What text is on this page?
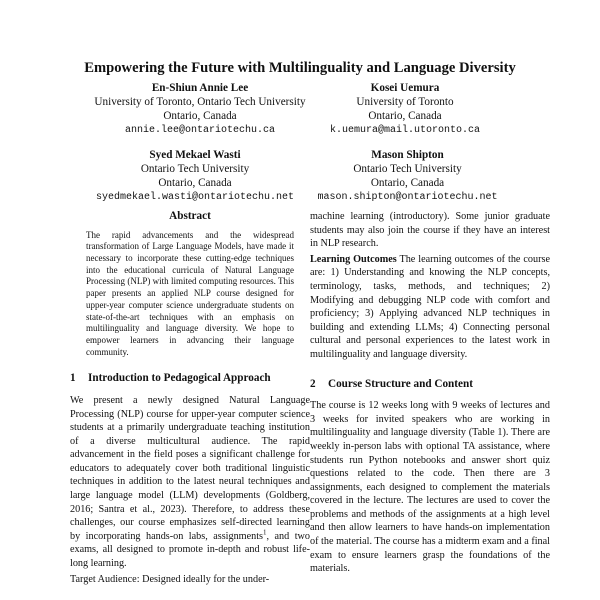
Empowering the Future with Multilinguality and Language Diversity
En-Shiun Annie Lee
University of Toronto, Ontario Tech University
Ontario, Canada
annie.lee@ontariotechu.ca
Kosei Uemura
University of Toronto
Ontario, Canada
k.uemura@mail.utoronto.ca
Syed Mekael Wasti
Ontario Tech University
Ontario, Canada
syedmekael.wasti@ontariotechu.net
Mason Shipton
Ontario Tech University
Ontario, Canada
mason.shipton@ontariotechu.net
Abstract

The rapid advancements and the widespread transformation of Large Language Models, have made it necessary to incorporate these cutting-edge techniques into the educational curricula of Natural Language Processing (NLP) with limited computing resources. This paper presents an applied NLP course designed for upper-year computer science undergraduate students on state-of-the-art techniques with an emphasis on multilinguality and language diversity. We hope to empower learners in advancing their language community.

1 Introduction to Pedagogical Approach

We present a newly designed Natural Language Processing (NLP) course for upper-year computer science students at a primarily undergraduate teaching institution of a diverse multicultural audience. The rapid advancement in the field poses a significant challenge for educators to adequately cover both traditional linguistic techniques in addition to the latest neural techniques and large language model (LLM) developments (Goldberg, 2016; Santra et al., 2023). Therefore, to address these challenges, our course emphasizes self-directed learning by incorporating hands-on labs, assignments$^1$, and two exams, all designed to promote in-depth and robust life-long learning.

Target Audience: Designed ideally for the under-

machine learning (introductory). Some junior graduate students may also join the course if they have an interest in NLP research.

Learning Outcomes The learning outcomes of the course are: 1) Understanding and knowing the NLP concepts, terminology, tasks, methods, and techniques; 2) Modifying and debugging NLP code with comfort and proficiency; 3) Applying advanced NLP techniques in building and extending LLMs; 4) Connecting personal cultural and personal experiences to the latest work in multilinguality and language diversity.

2 Course Structure and Content

The course is 12 weeks long with 9 weeks of lectures and 3 weeks for invited speakers who are working in multilinguality and language diversity (Table 1). There are weekly in-person labs with optional TA assistance, where students run Python notebooks and answer short quiz questions related to the code. Then there are 3 assignments, each designed to complement the materials covered in the lecture. The lectures are used to cover the problems and methods of the assignments at a high level and then allow learners to have hands-on implementation of the material. The course has a midterm exam and a final exam to ensure learners grasp the foundations of the materials.
